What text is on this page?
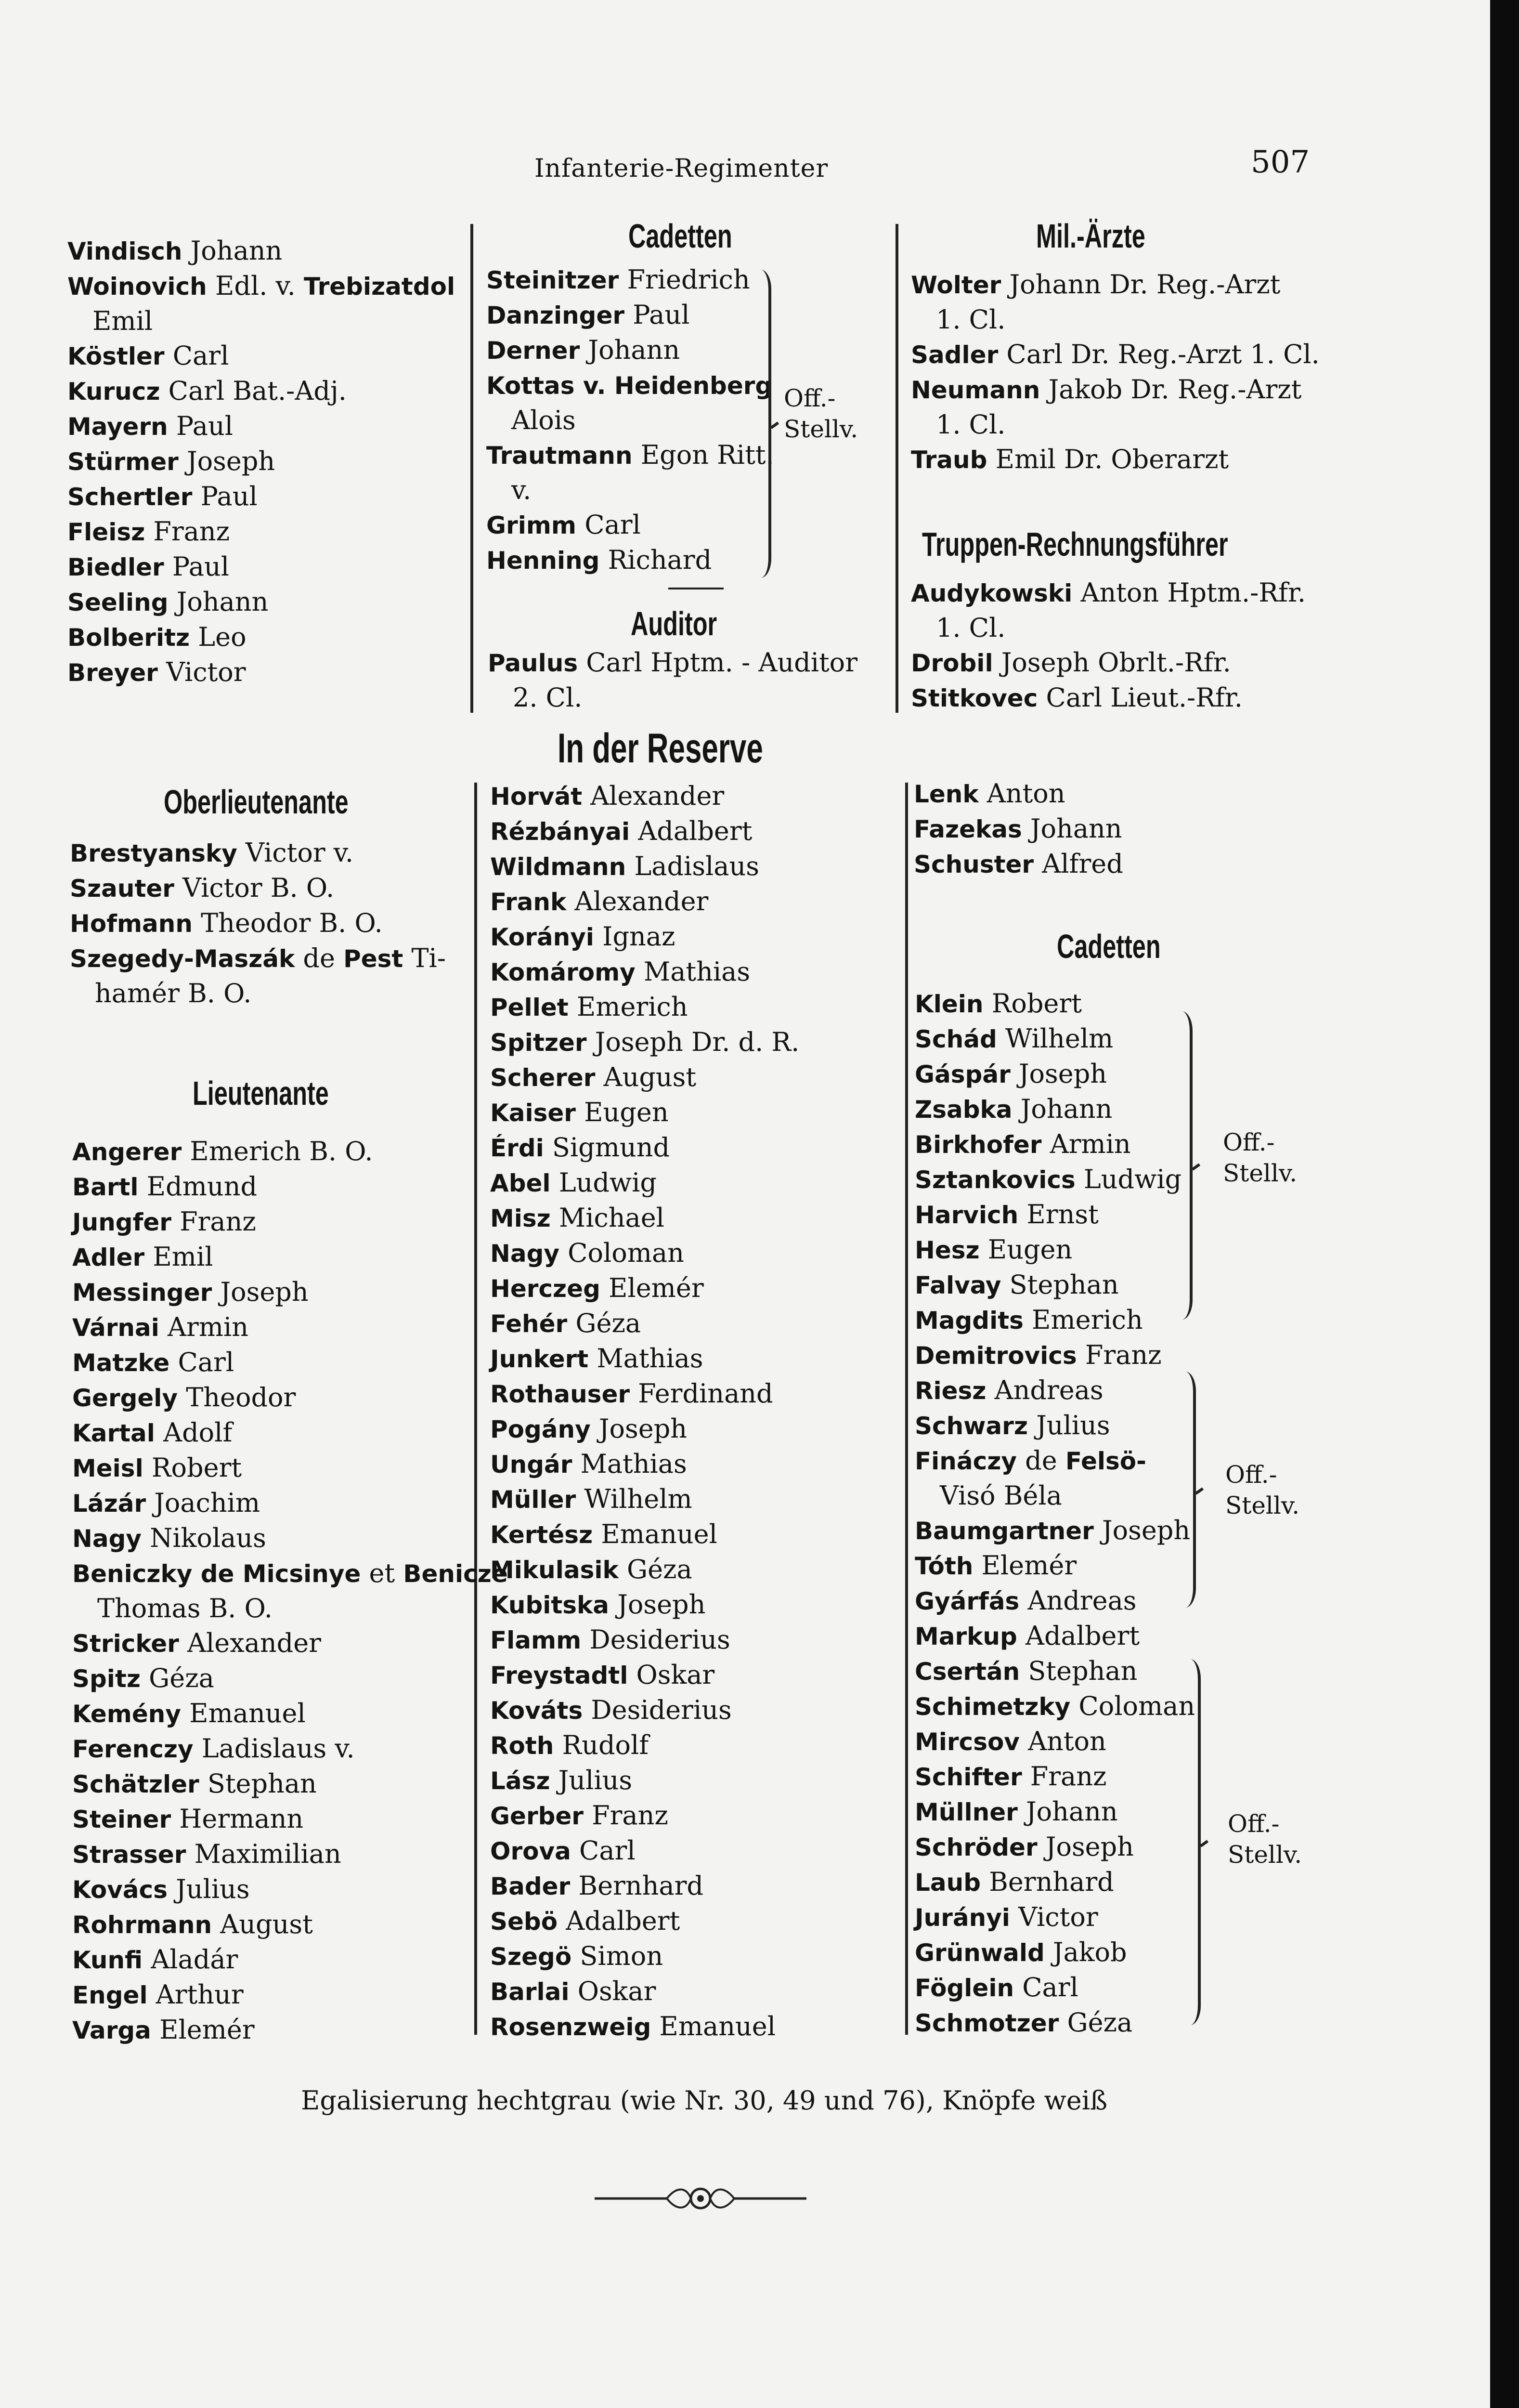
Infanterie-Regimenter	507
Cadetten	Mil.-Ärzte
Auditor
Truppen-Rechnungsführer
In der Reserve
Oberlieutenante
Cadetten
Lieutenante
Vindisch Johann
Woinovich Edl. v. Trebizatdol
Emil
Köstler Carl
Kurucz Carl Bat.-Adj.
Mayern Paul
Stürmer Joseph
Schertler Paul
Fleisz Franz
Biedler Paul
Seeling Johann
Bolberitz Leo
Breyer Victor
Brestyansky Victor v.
Szauter Victor B. O.
Hofmann Theodor B. O.
Szegedy-Maszák de Pest Ti-
hamér B. O.
Angerer Emerich B. O.
Bartl Edmund
Jungfer Franz
Adler Emil
Messinger Joseph
Várnai Armin
Matzke Carl
Gergely Theodor
Kartal Adolf
Meisl Robert
Lázár Joachim
Nagy Nikolaus
Beniczky de Micsinye et Benicze
Thomas B. O.
Stricker Alexander
Spitz Géza
Kemény Emanuel
Ferenczy Ladislaus v.
Schätzler Stephan
Steiner Hermann
Strasser Maximilian
Kovács Julius
Rohrmann August
Kunfi Aladár
Engel Arthur
Varga Elemér
Steinitzer Friedrich
Danzinger Paul
Derner Johann
Kottas v. Heidenberg
Alois
Trautmann Egon Ritt.
v.
Grimm Carl
Henning Richard
Paulus Carl Hptm. - Auditor
2. Cl.
Horvát Alexander
Rézbányai Adalbert
Wildmann Ladislaus
Frank Alexander
Korányi Ignaz
Komáromy Mathias
Pellet Emerich
Spitzer Joseph Dr. d. R.
Scherer August
Kaiser Eugen
Érdi Sigmund
Abel Ludwig
Misz Michael
Nagy Coloman
Herczeg Elemér
Fehér Géza
Junkert Mathias
Rothauser Ferdinand
Pogány Joseph
Ungár Mathias
Müller Wilhelm
Kertész Emanuel
Mikulasik Géza
Kubitska Joseph
Flamm Desiderius
Freystadtl Oskar
Kováts Desiderius
Roth Rudolf
Lász Julius
Gerber Franz
Orova Carl
Bader Bernhard
Sebö Adalbert
Szegö Simon
Barlai Oskar
Rosenzweig Emanuel
Wolter Johann Dr. Reg.-Arzt
1. Cl.
Sadler Carl Dr. Reg.-Arzt 1. Cl.
Neumann Jakob Dr. Reg.-Arzt
1. Cl.
Traub Emil Dr. Oberarzt
Audykowski Anton Hptm.-Rfr.
1. Cl.
Drobil Joseph Obrlt.-Rfr.
Stitkovec Carl Lieut.-Rfr.
Lenk Anton
Fazekas Johann
Schuster Alfred
Klein Robert
Schád Wilhelm
Gáspár Joseph
Zsabka Johann
Birkhofer Armin
Sztankovics Ludwig
Harvich Ernst
Hesz Eugen
Falvay Stephan
Magdits Emerich
Demitrovics Franz
Riesz Andreas
Schwarz Julius
Fináczy de Felsö-
Visó Béla
Baumgartner Joseph
Tóth Elemér
Gyárfás Andreas
Markup Adalbert
Csertán Stephan
Schimetzky Coloman
Mircsov Anton
Schifter Franz
Müllner Johann
Schröder Joseph
Laub Bernhard
Jurányi Victor
Grünwald Jakob
Föglein Carl
Schmotzer Géza
Off.-
Stellv.
Off.-
Stellv.
Off.-
Stellv.
Off.-
Stellv.
Egalisierung hechtgrau (wie Nr. 30, 49 und 76), Knöpfe weiß
